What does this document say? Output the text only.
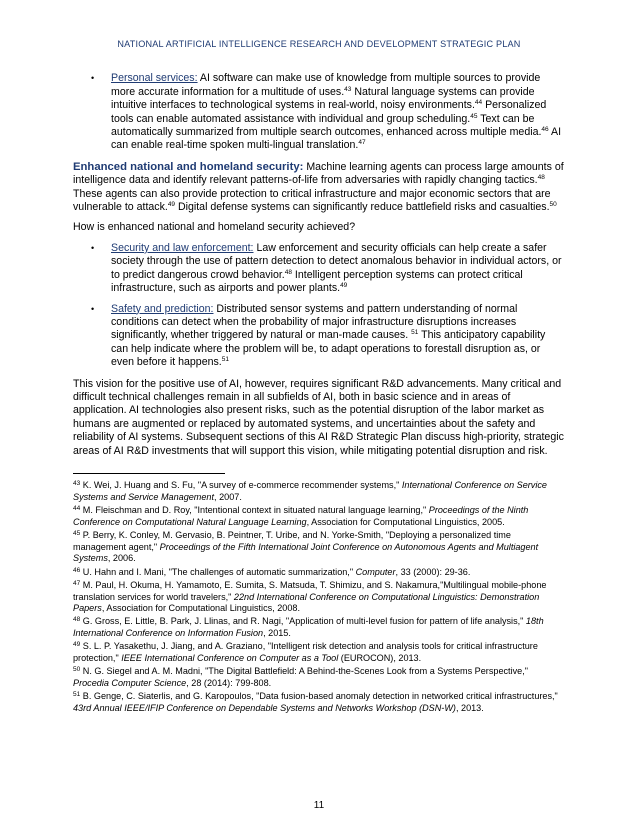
NATIONAL ARTIFICIAL INTELLIGENCE RESEARCH AND DEVELOPMENT STRATEGIC PLAN
• Personal services: AI software can make use of knowledge from multiple sources to provide more accurate information for a multitude of uses.$^{43}$ Natural language systems can provide intuitive interfaces to technological systems in real-world, noisy environments.$^{44}$ Personalized tools can enable automated assistance with individual and group scheduling.$^{45}$ Text can be automatically summarized from multiple search outcomes, enhanced across multiple media.$^{46}$ AI can enable real-time spoken multi-lingual translation.$^{47}$

Enhanced national and homeland security: Machine learning agents can process large amounts of intelligence data and identify relevant patterns-of-life from adversaries with rapidly changing tactics.$^{48}$ These agents can also provide protection to critical infrastructure and major economic sectors that are vulnerable to attack.$^{49}$ Digital defense systems can significantly reduce battlefield risks and casualties.$^{50}$

How is enhanced national and homeland security achieved?

• Security and law enforcement: Law enforcement and security officials can help create a safer society through the use of pattern detection to detect anomalous behavior in individual actors, or to predict dangerous crowd behavior.$^{48}$ Intelligent perception systems can protect critical infrastructure, such as airports and power plants.$^{49}$
• Safety and prediction: Distributed sensor systems and pattern understanding of normal conditions can detect when the probability of major infrastructure disruptions increases significantly, whether triggered by natural or man-made causes. $^{51}$ This anticipatory capability can help indicate where the problem will be, to adapt operations to forestall disruption as, or even before it happens.$^{51}$

This vision for the positive use of AI, however, requires significant R&D advancements. Many critical and difficult technical challenges remain in all subfields of AI, both in basic science and in areas of application. AI technologies also present risks, such as the potential disruption of the labor market as humans are augmented or replaced by automated systems, and uncertainties about the safety and reliability of AI systems. Subsequent sections of this AI R&D Strategic Plan discuss high-priority, strategic areas of AI R&D investments that will support this vision, while mitigating potential disruption and risk.

$^{43}$ K. Wei, J. Huang and S. Fu, "A survey of e-commerce recommender systems," International Conference on Service Systems and Service Management, 2007.
$^{44}$ M. Fleischman and D. Roy, "Intentional context in situated natural language learning," Proceedings of the Ninth Conference on Computational Natural Language Learning, Association for Computational Linguistics, 2005.
$^{45}$ P. Berry, K. Conley, M. Gervasio, B. Peintner, T. Uribe, and N. Yorke-Smith, "Deploying a personalized time management agent," Proceedings of the Fifth International Joint Conference on Autonomous Agents and Multiagent Systems, 2006.
$^{46}$ U. Hahn and I. Mani, "The challenges of automatic summarization," Computer, 33 (2000): 29-36.
$^{47}$ M. Paul, H. Okuma, H. Yamamoto, E. Sumita, S. Matsuda, T. Shimizu, and S. Nakamura,"Multilingual mobile-phone translation services for world travelers," 22nd International Conference on Computational Linguistics: Demonstration Papers, Association for Computational Linguistics, 2008.
$^{48}$ G. Gross, E. Little, B. Park, J. Llinas, and R. Nagi, "Application of multi-level fusion for pattern of life analysis," 18th International Conference on Information Fusion, 2015.
$^{49}$ S. L. P. Yasakethu, J. Jiang, and A. Graziano, "Intelligent risk detection and analysis tools for critical infrastructure protection," IEEE International Conference on Computer as a Tool (EUROCON), 2013.
$^{50}$ N. G. Siegel and A. M. Madni, "The Digital Battlefield: A Behind-the-Scenes Look from a Systems Perspective," Procedia Computer Science, 28 (2014): 799-808.
$^{51}$ B. Genge, C. Siaterlis, and G. Karopoulos, "Data fusion-based anomaly detection in networked critical infrastructures," 43rd Annual IEEE/IFIP Conference on Dependable Systems and Networks Workshop (DSN-W), 2013.
11
